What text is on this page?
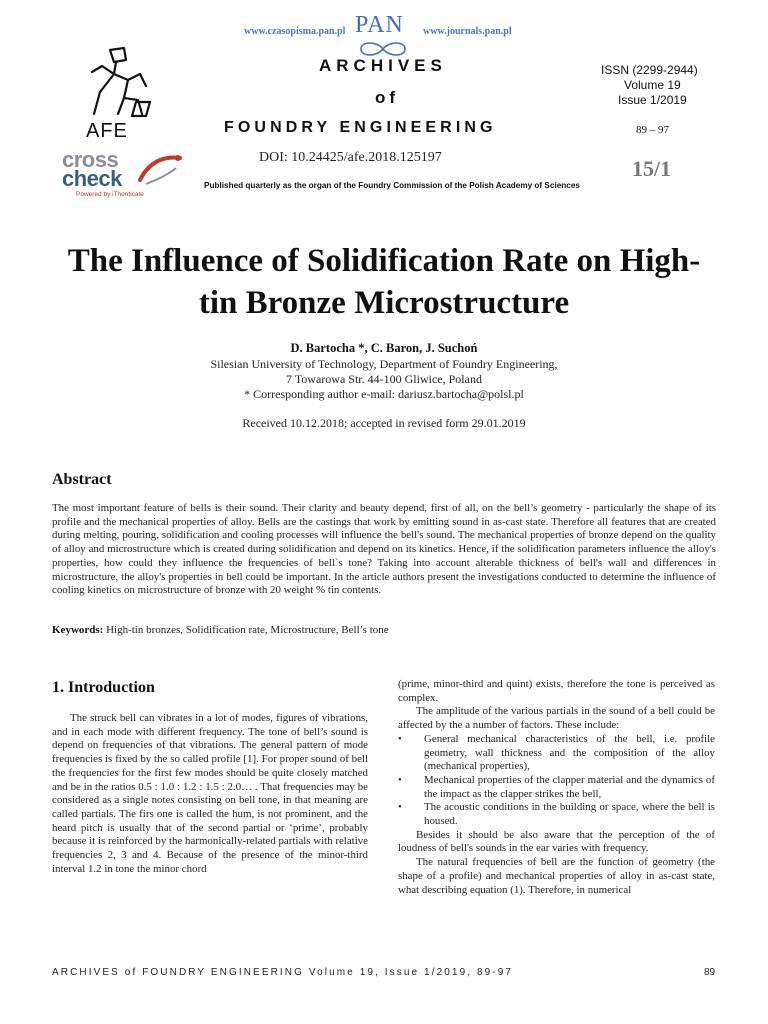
www.czasopisma.pan.pl PAN www.journals.pan.pl
AFE
cross
check
Powered by iThenticate
ARCHIVES
of
FOUNDRY ENGINEERING
DOI: 10.24425/afe.2018.125197
Published quarterly as the organ of the Foundry Commission of the Polish Academy of Sciences
ISSN (2299-2944)
Volume 19
Issue 1/2019
89 – 97
15/1
The Influence of Solidification Rate on High-
tin Bronze Microstructure
D. Bartocha *, C. Baron, J. Suchoń
Silesian University of Technology, Department of Foundry Engineering,
7 Towarowa Str. 44-100 Gliwice, Poland
* Corresponding author e-mail: dariusz.bartocha@polsl.pl
Received 10.12.2018; accepted in revised form 29.01.2019
Abstract
The most important feature of bells is their sound. Their clarity and beauty depend, first of all, on the bell’s geometry - particularly the shape of its profile and the mechanical properties of alloy. Bells are the castings that work by emitting sound in as-cast state. Therefore all features that are created during melting, pouring, solidification and cooling processes will influence the bell's sound. The mechanical properties of bronze depend on the quality of alloy and microstructure which is created during solidification and depend on its kinetics. Hence, if the solidification parameters influence the alloy's properties, how could they influence the frequencies of bell`s tone? Taking into account alterable thickness of bell's wall and differences in microstructure, the alloy's properties in bell could be important. In the article authors present the investigations conducted to determine the influence of cooling kinetics on microstructure of bronze with 20 weight % tin contents.
Keywords: High-tin bronzes, Solidification rate, Microstructure, Bell’s tone
1. Introduction

The struck bell can vibrates in a lot of modes, figures of vibrations, and in each mode with different frequency. The tone of bell’s sound is depend on frequencies of that vibrations. The general pattern of mode frequencies is fixed by the so called profile [1]. For proper sound of bell the frequencies for the first few modes should be quite closely matched and be in the ratios 0.5 : 1.0 : 1.2 : 1.5 : 2.0… . That frequencies may be considered as a single notes consisting on bell tone, in that meaning are called partials. The firs one is called the hum, is not prominent, and the heard pitch is usually that of the second partial or ‘prime’, probably because it is reinforced by the harmonically-related partials with relative frequencies 2, 3 and 4. Because of the presence of the minor-third interval 1.2 in tone the minor chord

(prime, minor-third and quint) exists, therefore the tone is perceived as complex.

The amplitude of the various partials in the sound of a bell could be affected by the a number of factors. These include:

• General mechanical characteristics of the bell, i.e. profile geometry, wall thickness and the composition of the alloy (mechanical properties),
• Mechanical properties of the clapper material and the dynamics of the impact as the clapper strikes the bell,
• The acoustic conditions in the building or space, where the bell is housed.

Besides it should be also aware that the perception of the of loudness of bell's sounds in the ear varies with frequency.

The natural frequencies of bell are the function of geometry (the shape of a profile) and mechanical properties of alloy in as-cast state, what describing equation (1). Therefore, in numerical

ARCHIVES of FOUNDRY ENGINEERING Volume 19, Issue 1/2019, 89-97	89
